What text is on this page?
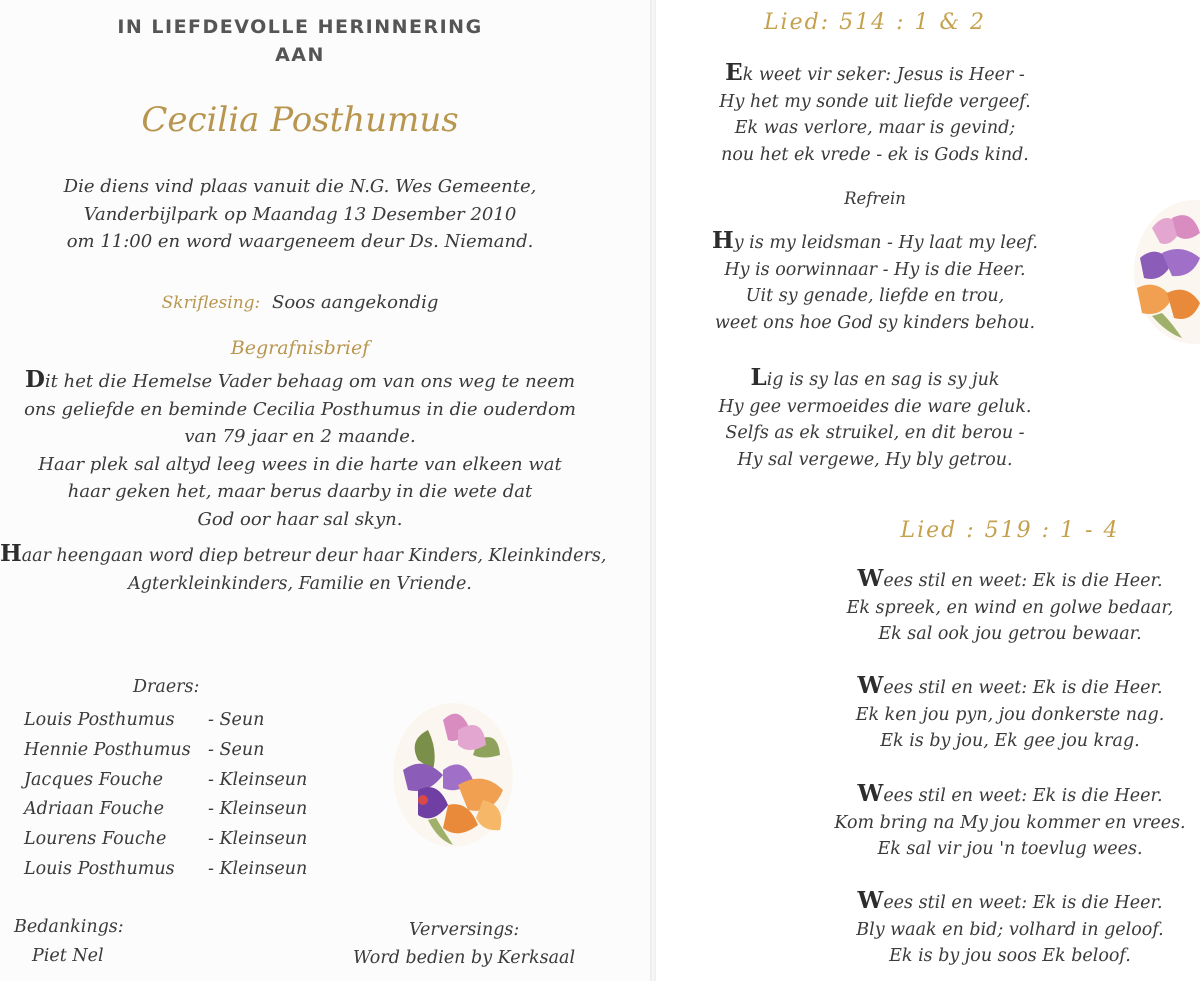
IN LIEFDEVOLLE HERINNERING
AAN
Cecilia Posthumus
Die diens vind plaas vanuit die N.G. Wes Gemeente,
Vanderbijlpark op Maandag 13 Desember 2010
om 11:00 en word waargeneem deur Ds. Niemand.
Skriflesing: Soos aangekondig
Begrafnisbrief
Dit het die Hemelse Vader behaag om van ons weg te neem
ons geliefde en beminde Cecilia Posthumus in die ouderdom
van 79 jaar en 2 maande.
Haar plek sal altyd leeg wees in die harte van elkeen wat
haar geken het, maar berus daarby in die wete dat
God oor haar sal skyn.
Haar heengaan word diep betreur deur haar Kinders, Kleinkinders,
Agterkleinkinders, Familie en Vriende.
Draers:
Louis Posthumus - Seun
Hennie Posthumus - Seun
Jacques Fouche	- Kleinseun
Adriaan Fouche	- Kleinseun
Lourens Fouche - Kleinseun
Louis Posthumus - Kleinseun
Bedankings:
Piet Nel
Verversings:
Word bedien by Kerksaal
Lied: 514 : 1 & 2
Ek weet vir seker: Jesus is Heer -
Hy het my sonde uit liefde vergeef.
Ek was verlore, maar is gevind;
nou het ek vrede - ek is Gods kind.
Refrein
Hy is my leidsman - Hy laat my leef.
Hy is oorwinnaar - Hy is die Heer.
Uit sy genade, liefde en trou,
weet ons hoe God sy kinders behou.
Lig is sy las en sag is sy juk
Hy gee vermoeides die ware geluk.
Selfs as ek struikel, en dit berou -
Hy sal vergewe, Hy bly getrou.
Lied : 519 : 1 - 4
Wees stil en weet: Ek is die Heer.
Ek spreek, en wind en golwe bedaar,
Ek sal ook jou getrou bewaar.
Wees stil en weet: Ek is die Heer.
Ek ken jou pyn, jou donkerste nag.
Ek is by jou, Ek gee jou krag.
Wees stil en weet: Ek is die Heer.
Kom bring na My jou kommer en vrees.
Ek sal vir jou 'n toevlug wees.
Wees stil en weet: Ek is die Heer.
Bly waak en bid; volhard in geloof.
Ek is by jou soos Ek beloof.
